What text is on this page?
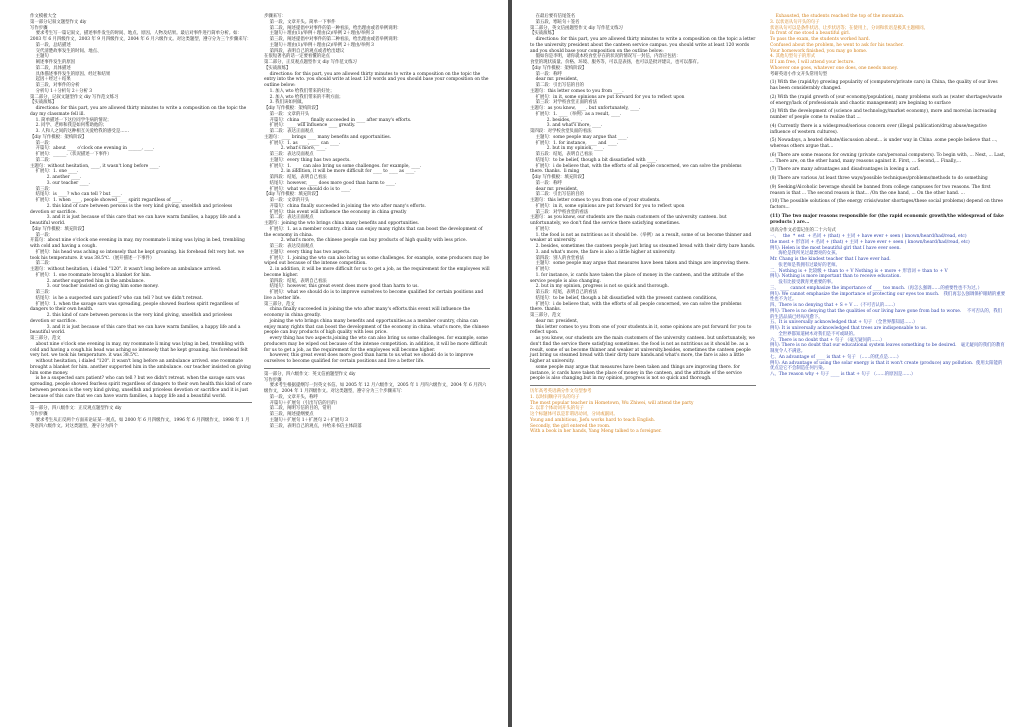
作文模板大全

第一部分记叙文题型作文 diy

写作步骤

要求考生写一篇记叙文，描述事件发生的时间、地点、原因、人物及结果。最后对事件进行简单分析。如：2003 年 6 月四级作文，2003 年 9 月四级作文，2004 年 6 月六级作文。对这类题型，遵守分为三个步骤来写：

第一段，总结描述

交代清楚故事发生的时间、地点、

主题句

阐述事件发生的原因

第二段，具体描述

具体描述事件发生的原因、经过和结果

起因＋经过＋结果

第三段，对事件的分析

分析句 1＋分析句 2＋分析 3

第二部分，记叙文题型作文 diy 写作范文练习

【实战演练】

directions: for this part, you are allowed thirty minutes to write a composition on the topic the day my classmate fell ill.

1. 简单描述一下这位同学生病的情况；

2. 同学、老师和我是如何帮助他的；

3. 人和人之间的这种相互关爱给我的感受是……

【diy 写作模板：架构阶段】

第一段：

开篇句：about ____ o'clock one evening in ______, ____.

扩展句：______.（状况描述一下事件）

第二段：

主题句：without hesitation, ____, it wasn't long before ____.

扩展句：1. one ____.

2. another ____.

3. our teacher ____.

第三段：

结尾句：is ____? who can tell ? but ____.

扩展句：1. when ____, people showed ____ spirit regardless of ____.

2. this kind of care between persons is the very kind giving, unselfish and priceless devotion or sacrifice.

3. and it is just because of this care that we can have warm families, a happy life and a beautiful world.

【diy 写作模板：填充阶段】

第一段：

开篇句：about nine o'clock one evening in may, my roommate li ming was lying in bed, trembling with cold and having a cough.

扩展句：his head was aching so intensely that he kept groaning. his forehead felt very hot. we took his temperature. it was 38.5℃.（展开描述一下事件）

第二段：

主题句：without hesitation, i dialed "120". it wasn't long before an ambulance arrived.

扩展句：1. one roommate brought a blanket for him.

2. another supported him in the ambulance.

3. our teacher insisted on giving him some money.

第三段：

结尾句：is he a suspected sars patient? who can tell ? but we didn't retreat.

扩展句：1. when the savage sars was spreading, people showed fearless spirit regardless of dangers to their own health.

2. this kind of care between persons is the very kind giving, unselfish and priceless devotion or sacrifice.

3. and it is just because of this care that we can have warm families, a happy life and a beautiful world.

第三部分，范文

about nine o'clock one evening in may, my roommate li ming was lying in bed, trembling with cold and having a cough.his head was aching so intensely that he kept groaning. his forehead felt very hot. we took his temperature. it was 38.5℃.

without hesitation, i dialed "120". it wasn't long before an ambulance arrived. one roommate brought a blanket for him. another supported him in the ambulance. our teacher insisted on giving him some money.

is he a suspected sars patient? who can tell ? but we didn't retreat. when the savage sars was spreading, people showed fearless spirit regardless of dangers to their own health.this kind of care between persons is the very kind giving, unselfish and priceless devotion or sacrifice and it is just because of this care that we can have warm families, a happy life and a beautiful world.

第一部分，四八级作文：正反观点题型作文 diy

写作步骤

要求考生从正反两个方面来论证某一观点。如 2000 年 6 月四级作文，1996 年 6 月四级作文，1998 年 1 月英语四六级作文。对这类题型，遵守分为四个

步骤来写：

第一段，文章开头。简单一下事件

第二段，阐述提倡中对事件的第一种看法，给出理由或者举例说明：

主题句＋理由(1)/举例＋理由(2)/举例 2＋理由/举例 3

第三段，阐述提倡中对事件的第二种看法，给出理由或者举例说明：

主题句＋理由(1)/举例＋理由(2)/举例 2＋理由/举例 3

第四段，表明自己的观点或者给出建议

在很短著名的话一定要看懂的论点

第二部分，正反观点题型作文 diy 写作范文练习

【实战演练】

directions: for this part, you are allowed thirty minutes to write a composition on the topic the entry into the wto. you should write at least 120 words and you should base your composition on the outline below:

1. 加入 wto 给我们带来的好处；

2. 加入 wto 给我们带来的不利方面；

3. 我们该如何做。

【diy 写作模板：架构阶段】

第一段：文章的开头

开篇句：china ____ finally succeeded in ____ after many's efforts.

扩展句：____ will influence ____ greatly.

第二段：表达正面观点

主题句：____ brings ____ many benefits and opportunities.

扩展句：1. as ____, ____ can ____.

2. what's more, ____.

第三段：表达反面观点

主题句：every thing has two aspects.

扩展句：1. ____ can also bring us some challenges. for example, ____.

2. in addition, it will be more difficult for ____ to ____ as ____.

第四段：结尾，表明自己看法

结尾句：however, ____ does more good than harm to ____.

扩展句：what we should do is to ____.

【diy 写作模板：填充阶段】

第一段：文章的开头

开篇句：china finally succeeded in joining the wto after many's efforts.

扩展句：this event will influence the economy in china greatly

第二段：表达正面观点

主题句：joining the wto brings china many benefits and opportunities.

扩展句：1. as a member country, china can enjoy many rights that can boost the development of the economy in china.

2. what's more, the chinese people can buy products of high quality with less price.

第三段：表达反面观点

主题句：every thing has two aspects.

扩展句：1. joining the wto can also bring us some challenges. for example, some producers may be wiped out because of the intense competition.

2. in addition, it will be more difficult for us to get a job, as the requirement for the employees will become higher.

第四段：结尾，表明自己看法

结尾句：however, this great event does more good than harm to us.

扩展句：what we should do is to improve ourselves to become qualified for certain positions and live a better life.

第三部分，范文

china finally succeeded in joining the wto after many's efforts.this event will influence the economy in china greatly.

joining the wto brings china many benefits and opportunities.as a member country, china can enjoy many rights that can boost the development of the economy in china. what's more, the chinese people can buy products of high quality with less price.

every thing has two aspects.joining the wto can also bring us some challenges. for example, some producers may be wiped out because of the intense competition. in addition, it will be more difficult for us to get a job, as the requirement for the employees will become higher.

however, this great event does more good than harm to us.what we should do is to improve ourselves to become qualified for certain positions and live a better life.

第一部分，四六级作文：英文信函题型作文 diy

写作步骤

要求考生根据提纲写一封英文书信。如 2005 年 12 月六级作文，2005 年 1 月四六级作文，2004 年 6 月四六级作文，2004 年 1 月四级作文。对这类题型，遵守分为三个步骤来写：

第一段，文章开头，称呼

开篇句＋扩展句（引出写信的目的）

第二段，阐明写信的目的，常用

第三段，阐述提纲要点

主题句＋扩展句 1＋扩展句 2＋扩展句 3

第三段，表明自己的观点，并给来书信主体段落

在最后要有信尾签名

第五段，寒暄句＋签名

第二部分，英文信函题型作文 diy 写作范文练习

【实战演练】

directions: for this part, you are allowed thirty minutes to write a composition on the topic a letter to the university president about the canteen service campus. you should write at least 120 words and you should base your composition on the outline below:

假如你是李明，请你就本校食堂存在的状况的情况写一封信，内容应包括：

食堂的现状质量、价格、环境、服务等，可以是表扬，也可以是批评建议，也可以都有。

【diy 写作模板：架构阶段】

第一段：称呼

dear mr. president,

第二段：引出写信的目的

主题句：this letter comes to you from ____.

扩展句：in it, some opinions are put forward for you to reflect upon

第三段：对学校食堂正面的看法

主题句：as you know, ____. but unfortunately, ____.

扩展句：1. ____（举例）as a result, ____.

2. besides, ____.

3. and what's more, ____.

第四段：对学校食堂负面的看法

主题句：some people may argue that ____.

扩展句：1. for instance, ____ and ____.

2. but in my opinion, ____.

第五段：结尾，表明自己看法

结尾句：to be belief, though a bit dissatisfied with ____.

扩展句：i do believe that, with the efforts of all people concerned, we can solve the problems there. thanks.  li ming

【diy 写作模板：填充阶段】

第一段：称呼

dear mr. president,

第二段：引出写信的目的

主题句：this letter comes to you from one of your students.

扩展句：in it, some opinions are put forward for you to reflect upon

第三段：对学校食堂的看法

主题句：as you know, our students are the main customers of the university canteen. but unfortunately, we don't find the service there satisfying sometimes.

扩展句：

1. the food is not as nutritious as it should be.（举例）as a result, some of us become thinner and weaker at university.

2. besides, sometimes the canteen people just bring us steamed bread with their dirty bare hands.

3. and what's more, the fare is also a little higher at university.

第四段：别人的食堂看法

主题句：some people may argue that measures have been taken and things are improving there.

扩展句：

1. for instance, ic cards have taken the place of money in the canteen, and the attitude of the service people is also changing.

2. but in my opinion, progress is not so quick and thorough.

第五段：结尾，表明自己的看法

结尾句：to be belief, though a bit dissatisfied with the present canteen conditions,

扩展句：i do believe that, with the efforts of all people concerned, we can solve the problems there. thanks.

第三部分，范文

dear mr. president,

this letter comes to you from one of your students.in it, some opinions are put forward for you to reflect upon.

as you know, our students are the main customers of the university canteen. but unfortunately, we don't find the service there satisfying sometimes. the food is not as nutritious as it should be. as a result, some of us become thinner and weaker at university.besides, sometimes the canteen people just bring us steamed bread with their dirty bare hands.and what's more, the fare is also a little higher at university.

some people may argue that measures have been taken and things are improving there. for instance, ic cards have taken the place of money in the canteen, and the attitude of the service people is also changing.but in my opinion, progress is not so quick and thorough.

历年高考英语满分作文句型参考

1. 以时间顺序开头的句子

The most popular teacher in Hometown, Wu Zhiwei, will attend the party

2. 以非个体动词开头的句子

这个标题体可以是非谓语动词，分词或副词。

Young and ambitious, Jiefu works hard to teach English.

Secondly, the girl entered the room.

With a book in her hands, Yang Meng talked to a foreigner.

Exhausted, the students reached the top of the mountain.

3. 以状语从句开头的句子

状语从句可以是条件状语、让步状语等；在使用上，分词和状语是极其主题相同。

In front of me stood a beautiful girl.

To pass the exam, the students worked hard.

Confused about the problem, he went to ask for his teacher.

Your homework finished, you may go home.

4. 其他句型句子的形式

If I am free, I will attend your lecture.

Whoever one goes, whatever one does, one needs money.

考研英语小作文开头常用句型

(1) With the (rapid/ly) growing popularity of (computers/private cars) in China, the quality of our lives has been considerably changed.

(2) With the (rapid growth of (our economy/population), many problems such as (water shortages/waste of energy/lack of professionals and chaotic management) are begining to surface

(3) With the development of (science and technology/market economy), more and more/an increasing number of people come to realize that ...

(4) Currently there is a widespread/serious concern over (illegal publication/drug abuse/negative influence of western cultures).

(5) Nowadays, a heated debate/discussion about... is under way in China .some people believe that ..., whereas others argue that...

(6) There are some reasons for owning (private cars/personal computers). To begin with, ... Next, ... Last, ... There are, on the other hand, many reasons against it. First, ... Second,... Finally,...

(7) There are many advantages and disadvantages in lowing a carl.

(8) There are various /at least three ways/possible techniques/problems/methods to do something

(9) Seeking/Alcoholic beverage should be banned from college campuses for two reasons. The first reason is that ... The second reason is that... /On the one hand, ... On the other hand. ...

(10) The possible solutions of (the energy crisis/water shortages/these social problems) depend on three factors...

(11) The two major reasons responsible for (the rapid economic growth/the widespread of fake products ) are...

语高分作文必需记住的二十六句式

一、   the  *  est  + 名词 + (that) + 主词 + have ever + seen ( known/heard/had/read, etc)

the most + 形容词 + 名词 + (that) + 主词 + have ever + seen ( known/heard/had/read, etc)

例句: Helen is the most beautiful girl that I have ever seen.

海伦是我所见过最漂亮的女孩。

Mr. Chang is the kindest teacher that I have ever had.

张老师是我拥有过最好的老师。

二、Nothing is + 比较级 + than to + V Nothing is + more + 形容词 + than to + V

例句: Nothing is more important than to receive education.

没有比接受教育更重要的事。

三、 ____ cannot emphasize the importance of ____ too much.（再怎么强调……的重要性也不为过。）

例句: We cannot emphasize the importance of protecting our eyes too much.   我们再怎么强调保护眼睛的重要性也不为过。

四、There is no denying that + S + V ...（不可否认的……）

例句: There is no denying that the qualities of our living have gone from bad to worse.    不可否认的，我们的生活品质已经每况愈下。

五、It is universally acknowledged that + 句子 （全世界都知道……）

例句: It is universally acknowledged that trees are indispensable to us.

全世界都知道树木对我们是不可或缺的。

六、There is no doubt that + 句子 （毫无疑问的……）

例句: There is no doubt that our educational system leaves something to be desired.   毫无疑问的我们的教育制度令人不满意。

七、An advantage of ____ is that + 句子 （……的优点是……）

例句: An advantage of using the solar energy is that it won't create (produce) any pollution.  使用太阳能的优点是它不会制造任何污染。

八、The reason why + 句子 ____ is that + 句子 （……的原因是……）
